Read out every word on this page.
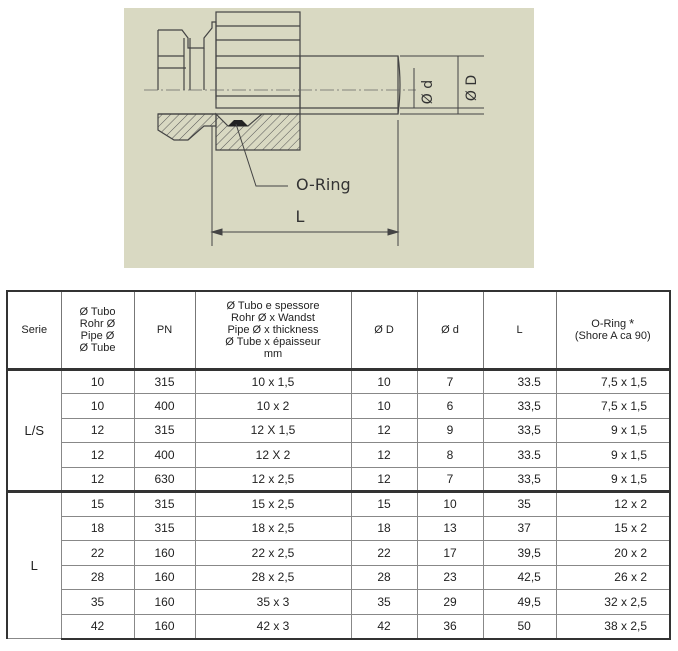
O-Ring
Ø d Ø D
L
Serie	Ø Tubo
Rohr Ø
Pipe Ø
Ø Tube	PN	Ø Tubo e spessore
Rohr Ø x Wandst
Pipe Ø x thickness
Ø Tube x épaisseur
mm	Ø D	Ø d	L	O-Ring *
(Shore A ca 90)
L/S	10	315	10 x 1,5	10	7	33.5	7,5 x 1,5
	10	400	10 x 2	10	6	33,5	7,5 x 1,5
	12	315	12 X 1,5	12	9	33,5	9 x 1,5
	12	400	12 X 2	12	8	33.5	9 x 1,5
	12	630	12 x 2,5	12	7	33,5	9 x 1,5
L	15	315	15 x 2,5	15	10	35	12 x 2
	18	315	18 x 2,5	18	13	37	15 x 2
	22	160	22 x 2,5	22	17	39,5	20 x 2
	28	160	28 x 2,5	28	23	42,5	26 x 2
	35	160	35 x 3	35	29	49,5	32 x 2,5
	42	160	42 x 3	42	36	50	38 x 2,5
